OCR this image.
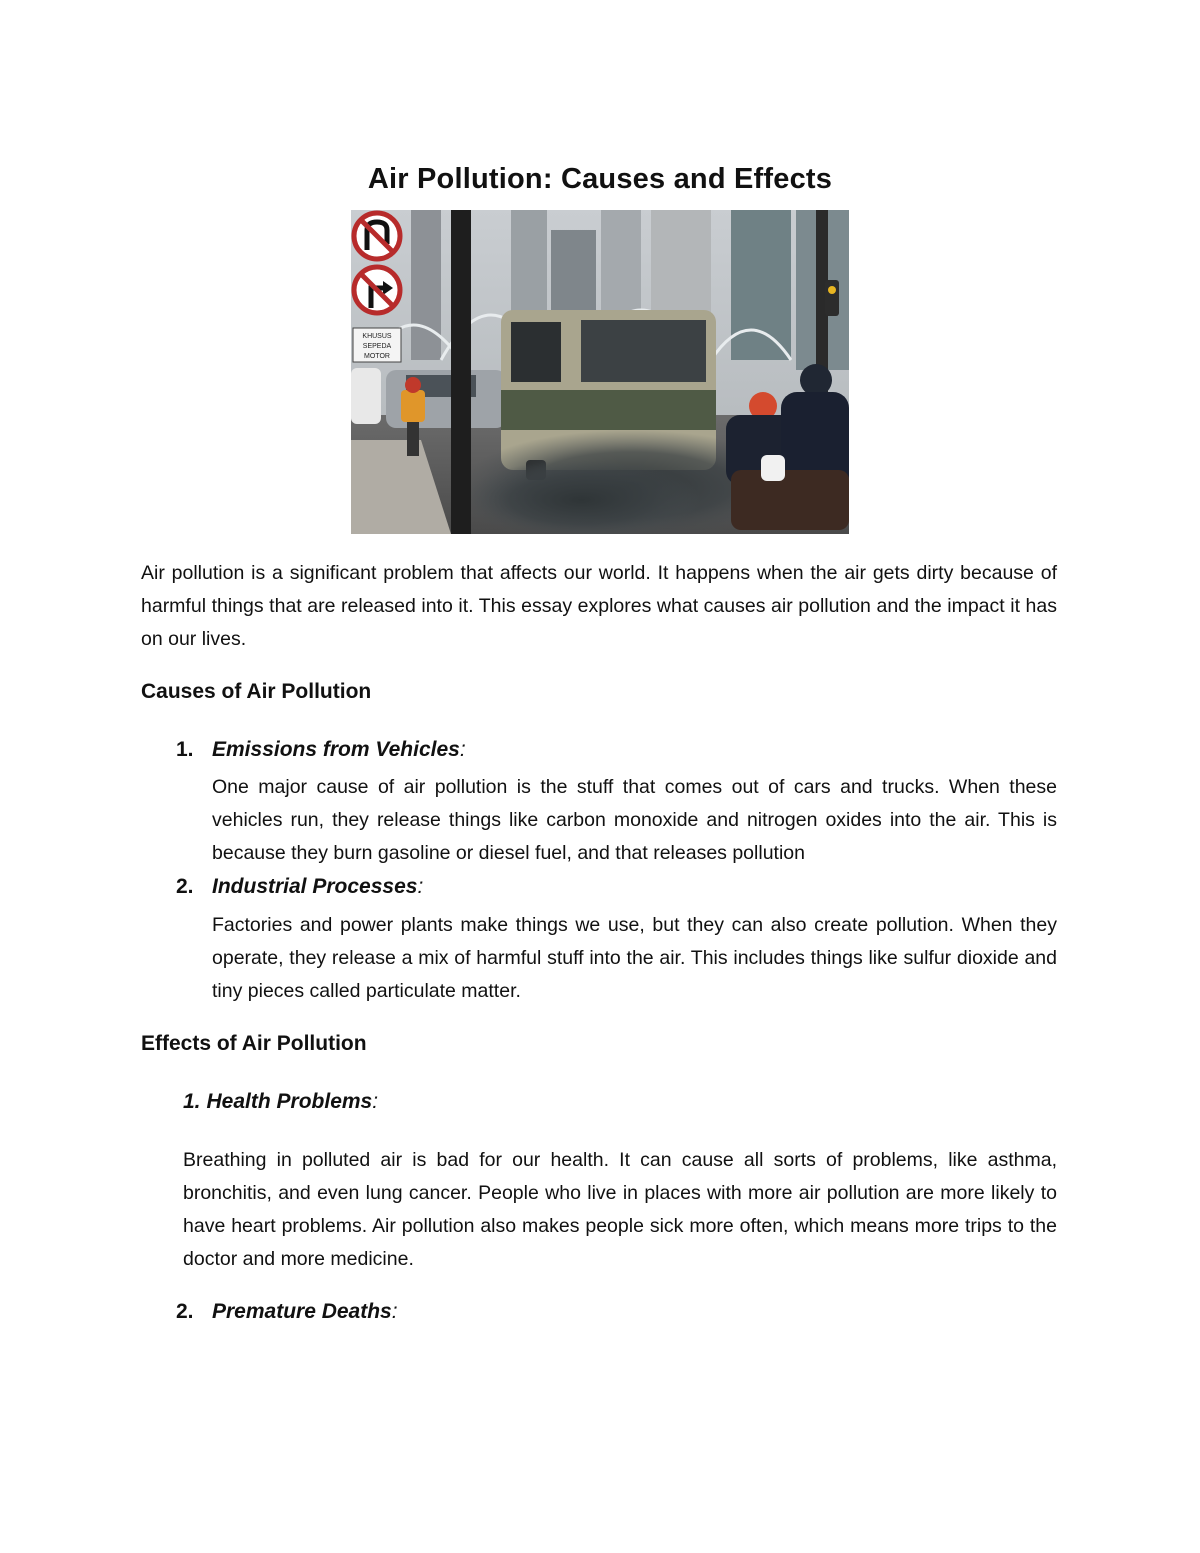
Air Pollution: Causes and Effects
KHUSUS
SEPEDA
MOTOR

Air pollution is a significant problem that affects our world. It happens when the air gets dirty because of harmful things that are released into it. This essay explores what causes air pollution and the impact it has on our lives.

Causes of Air Pollution
1. Emissions from Vehicles:

One major cause of air pollution is the stuff that comes out of cars and trucks. When these vehicles run, they release things like carbon monoxide and nitrogen oxides into the air. This is because they burn gasoline or diesel fuel, and that releases pollution

2. Industrial Processes:

Factories and power plants make things we use, but they can also create pollution. When they operate, they release a mix of harmful stuff into the air. This includes things like sulfur dioxide and tiny pieces called particulate matter.

Effects of Air Pollution
1. Health Problems:

Breathing in polluted air is bad for our health. It can cause all sorts of problems, like asthma, bronchitis, and even lung cancer. People who live in places with more air pollution are more likely to have heart problems. Air pollution also makes people sick more often, which means more trips to the doctor and more medicine.

2. Premature Deaths:
